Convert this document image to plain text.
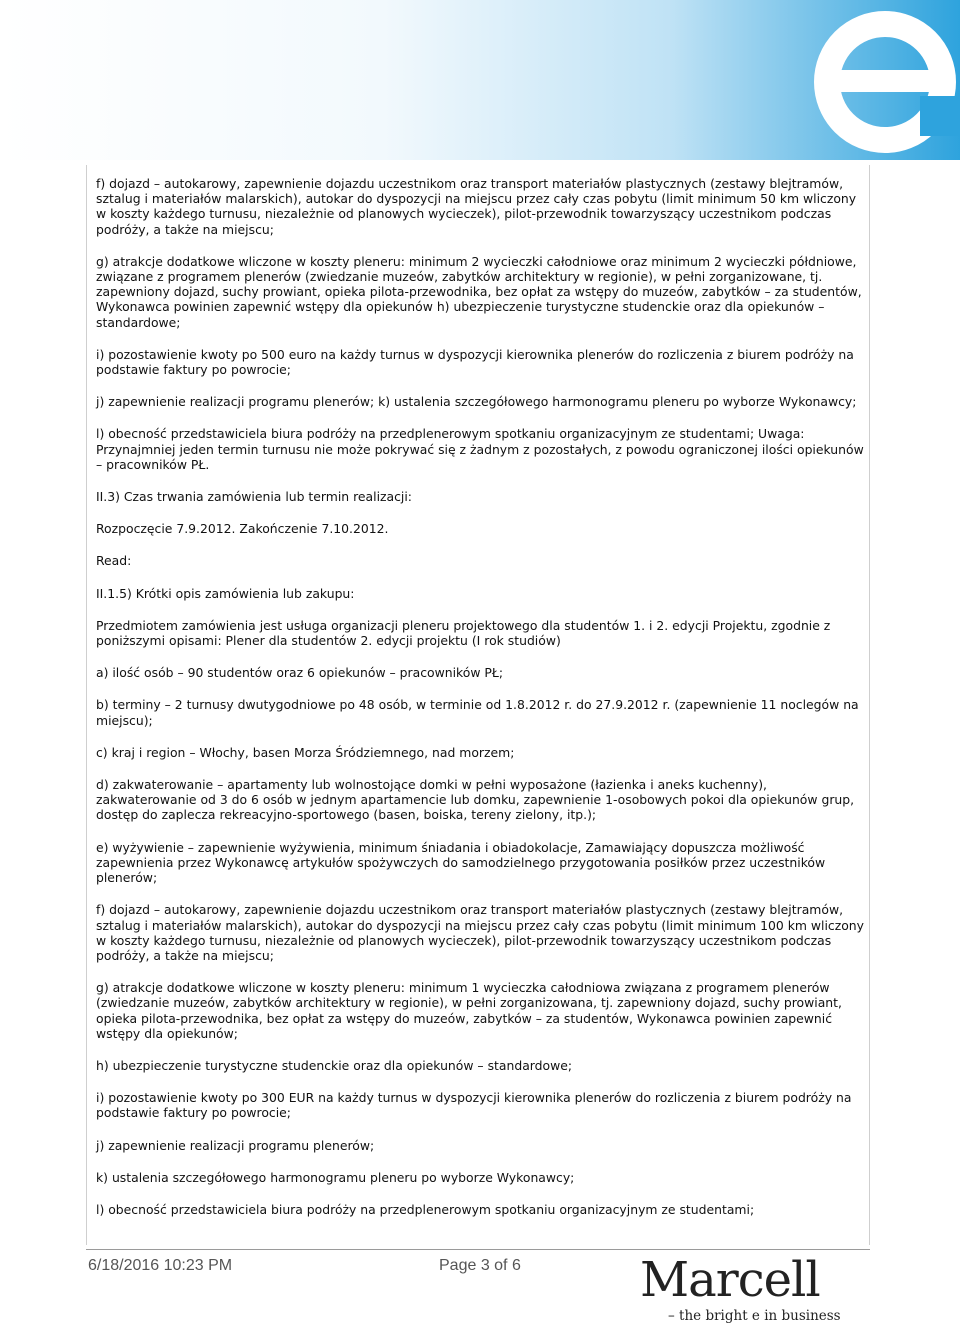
f) dojazd – autokarowy, zapewnienie dojazdu uczestnikom oraz transport materiałów plastycznych (zestawy blejtramów, sztalug i materiałów malarskich), autokar do dyspozycji na miejscu przez cały czas pobytu (limit minimum 50 km wliczony w koszty każdego turnusu, niezależnie od planowych wycieczek), pilot-przewodnik towarzyszący uczestnikom podczas podróży, a także na miejscu;

g) atrakcje dodatkowe wliczone w koszty pleneru: minimum 2 wycieczki całodniowe oraz minimum 2 wycieczki półdniowe, związane z programem plenerów (zwiedzanie muzeów, zabytków architektury w regionie), w pełni zorganizowane, tj. zapewniony dojazd, suchy prowiant, opieka pilota-przewodnika, bez opłat za wstępy do muzeów, zabytków – za studentów, Wykonawca powinien zapewnić wstępy dla opiekunów h) ubezpieczenie turystyczne studenckie oraz dla opiekunów – standardowe;

i) pozostawienie kwoty po 500 euro na każdy turnus w dyspozycji kierownika plenerów do rozliczenia z biurem podróży na podstawie faktury po powrocie;

j) zapewnienie realizacji programu plenerów; k) ustalenia szczegółowego harmonogramu pleneru po wyborze Wykonawcy;

l) obecność przedstawiciela biura podróży na przedplenerowym spotkaniu organizacyjnym ze studentami; Uwaga: Przynajmniej jeden termin turnusu nie może pokrywać się z żadnym z pozostałych, z powodu ograniczonej ilości opiekunów – pracowników PŁ.

II.3) Czas trwania zamówienia lub termin realizacji:

Rozpoczęcie 7.9.2012. Zakończenie 7.10.2012.

Read:

II.1.5) Krótki opis zamówienia lub zakupu:

Przedmiotem zamówienia jest usługa organizacji pleneru projektowego dla studentów 1. i 2. edycji Projektu, zgodnie z poniższymi opisami: Plener dla studentów 2. edycji projektu (I rok studiów)

a) ilość osób – 90 studentów oraz 6 opiekunów – pracowników PŁ;

b) terminy – 2 turnusy dwutygodniowe po 48 osób, w terminie od 1.8.2012 r. do 27.9.2012 r. (zapewnienie 11 noclegów na miejscu);

c) kraj i region – Włochy, basen Morza Śródziemnego, nad morzem;

d) zakwaterowanie – apartamenty lub wolnostojące domki w pełni wyposażone (łazienka i aneks kuchenny), zakwaterowanie od 3 do 6 osób w jednym apartamencie lub domku, zapewnienie 1-osobowych pokoi dla opiekunów grup, dostęp do zaplecza rekreacyjno-sportowego (basen, boiska, tereny zielony, itp.);

e) wyżywienie – zapewnienie wyżywienia, minimum śniadania i obiadokolacje, Zamawiający dopuszcza możliwość zapewnienia przez Wykonawcę artykułów spożywczych do samodzielnego przygotowania posiłków przez uczestników plenerów;

f) dojazd – autokarowy, zapewnienie dojazdu uczestnikom oraz transport materiałów plastycznych (zestawy blejtramów, sztalug i materiałów malarskich), autokar do dyspozycji na miejscu przez cały czas pobytu (limit minimum 100 km wliczony w koszty każdego turnusu, niezależnie od planowych wycieczek), pilot-przewodnik towarzyszący uczestnikom podczas podróży, a także na miejscu;

g) atrakcje dodatkowe wliczone w koszty pleneru: minimum 1 wycieczka całodniowa związana z programem plenerów (zwiedzanie muzeów, zabytków architektury w regionie), w pełni zorganizowana, tj. zapewniony dojazd, suchy prowiant, opieka pilota-przewodnika, bez opłat za wstępy do muzeów, zabytków – za studentów, Wykonawca powinien zapewnić wstępy dla opiekunów;

h) ubezpieczenie turystyczne studenckie oraz dla opiekunów – standardowe;

i) pozostawienie kwoty po 300 EUR na każdy turnus w dyspozycji kierownika plenerów do rozliczenia z biurem podróży na podstawie faktury po powrocie;

j) zapewnienie realizacji programu plenerów;

k) ustalenia szczegółowego harmonogramu pleneru po wyborze Wykonawcy;

l) obecność przedstawiciela biura podróży na przedplenerowym spotkaniu organizacyjnym ze studentami;

6/18/2016 10:23 PM	Page 3 of 6 Marcell
– the bright e in business
